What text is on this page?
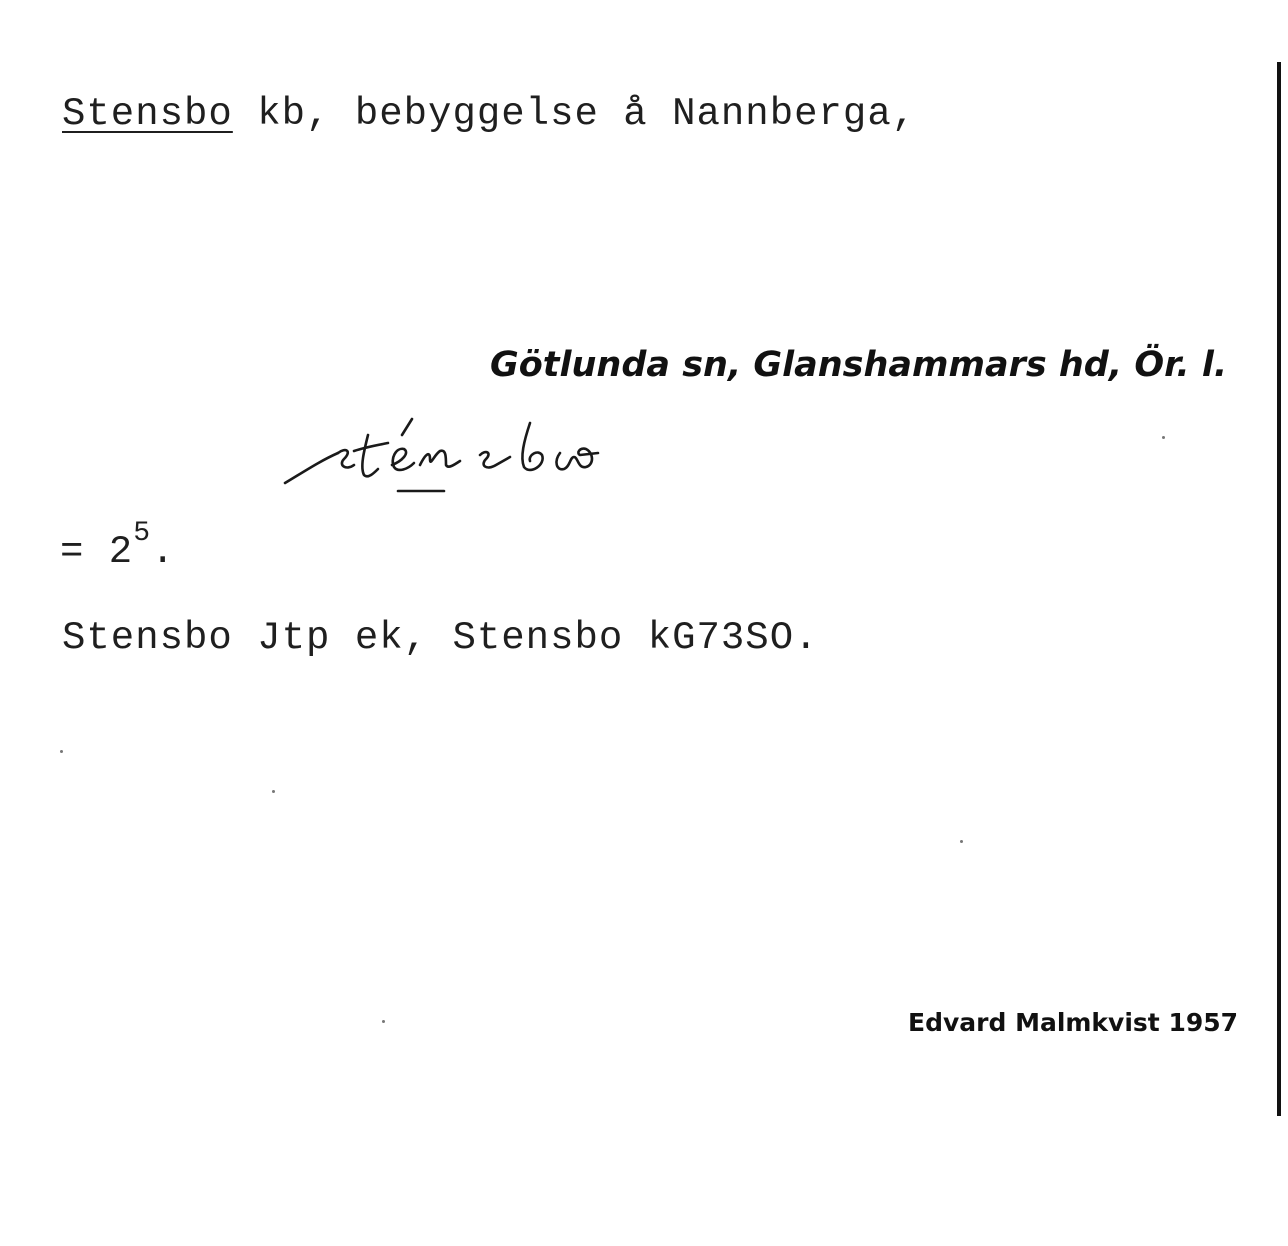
Stensbo kb, bebyggelse å Nannberga,
Götlunda sn, Glanshammars hd, Ör. l.
= $2^5$.
Stensbo Jtp ek, Stensbo kG73SO.
Edvard Malmkvist 1957
